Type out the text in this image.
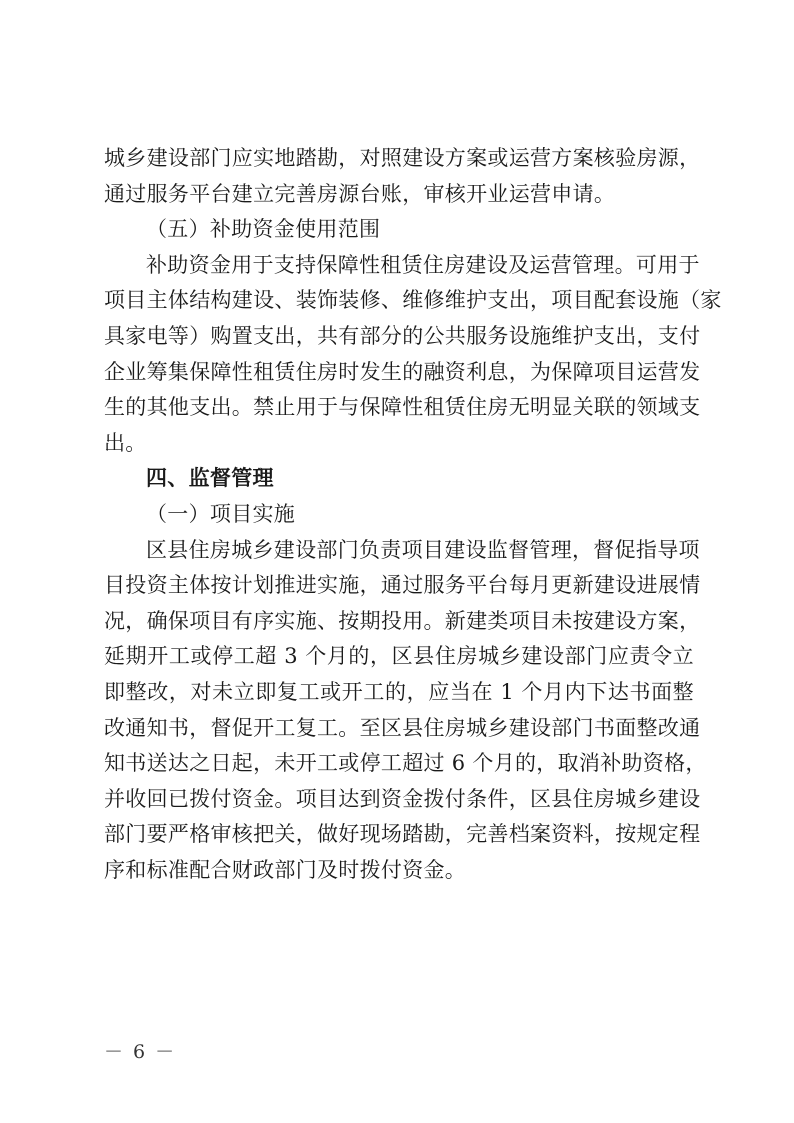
城乡建设部门应实地踏勘，对照建设方案或运营方案核验房源，
通过服务平台建立完善房源台账，审核开业运营申请。
（五）补助资金使用范围
补助资金用于支持保障性租赁住房建设及运营管理。可用于
项目主体结构建设、装饰装修、维修维护支出，项目配套设施（家
具家电等）购置支出，共有部分的公共服务设施维护支出，支付
企业筹集保障性租赁住房时发生的融资利息，为保障项目运营发
生的其他支出。禁止用于与保障性租赁住房无明显关联的领域支
出。
四、监督管理
（一）项目实施
区县住房城乡建设部门负责项目建设监督管理，督促指导项
目投资主体按计划推进实施，通过服务平台每月更新建设进展情
况，确保项目有序实施、按期投用。新建类项目未按建设方案，
延期开工或停工超 3 个月的，区县住房城乡建设部门应责令立
即整改，对未立即复工或开工的，应当在 1 个月内下达书面整
改通知书，督促开工复工。至区县住房城乡建设部门书面整改通
知书送达之日起，未开工或停工超过 6 个月的，取消补助资格，
并收回已拨付资金。项目达到资金拨付条件，区县住房城乡建设
部门要严格审核把关，做好现场踏勘，完善档案资料，按规定程
序和标准配合财政部门及时拨付资金。
－ 6 －
